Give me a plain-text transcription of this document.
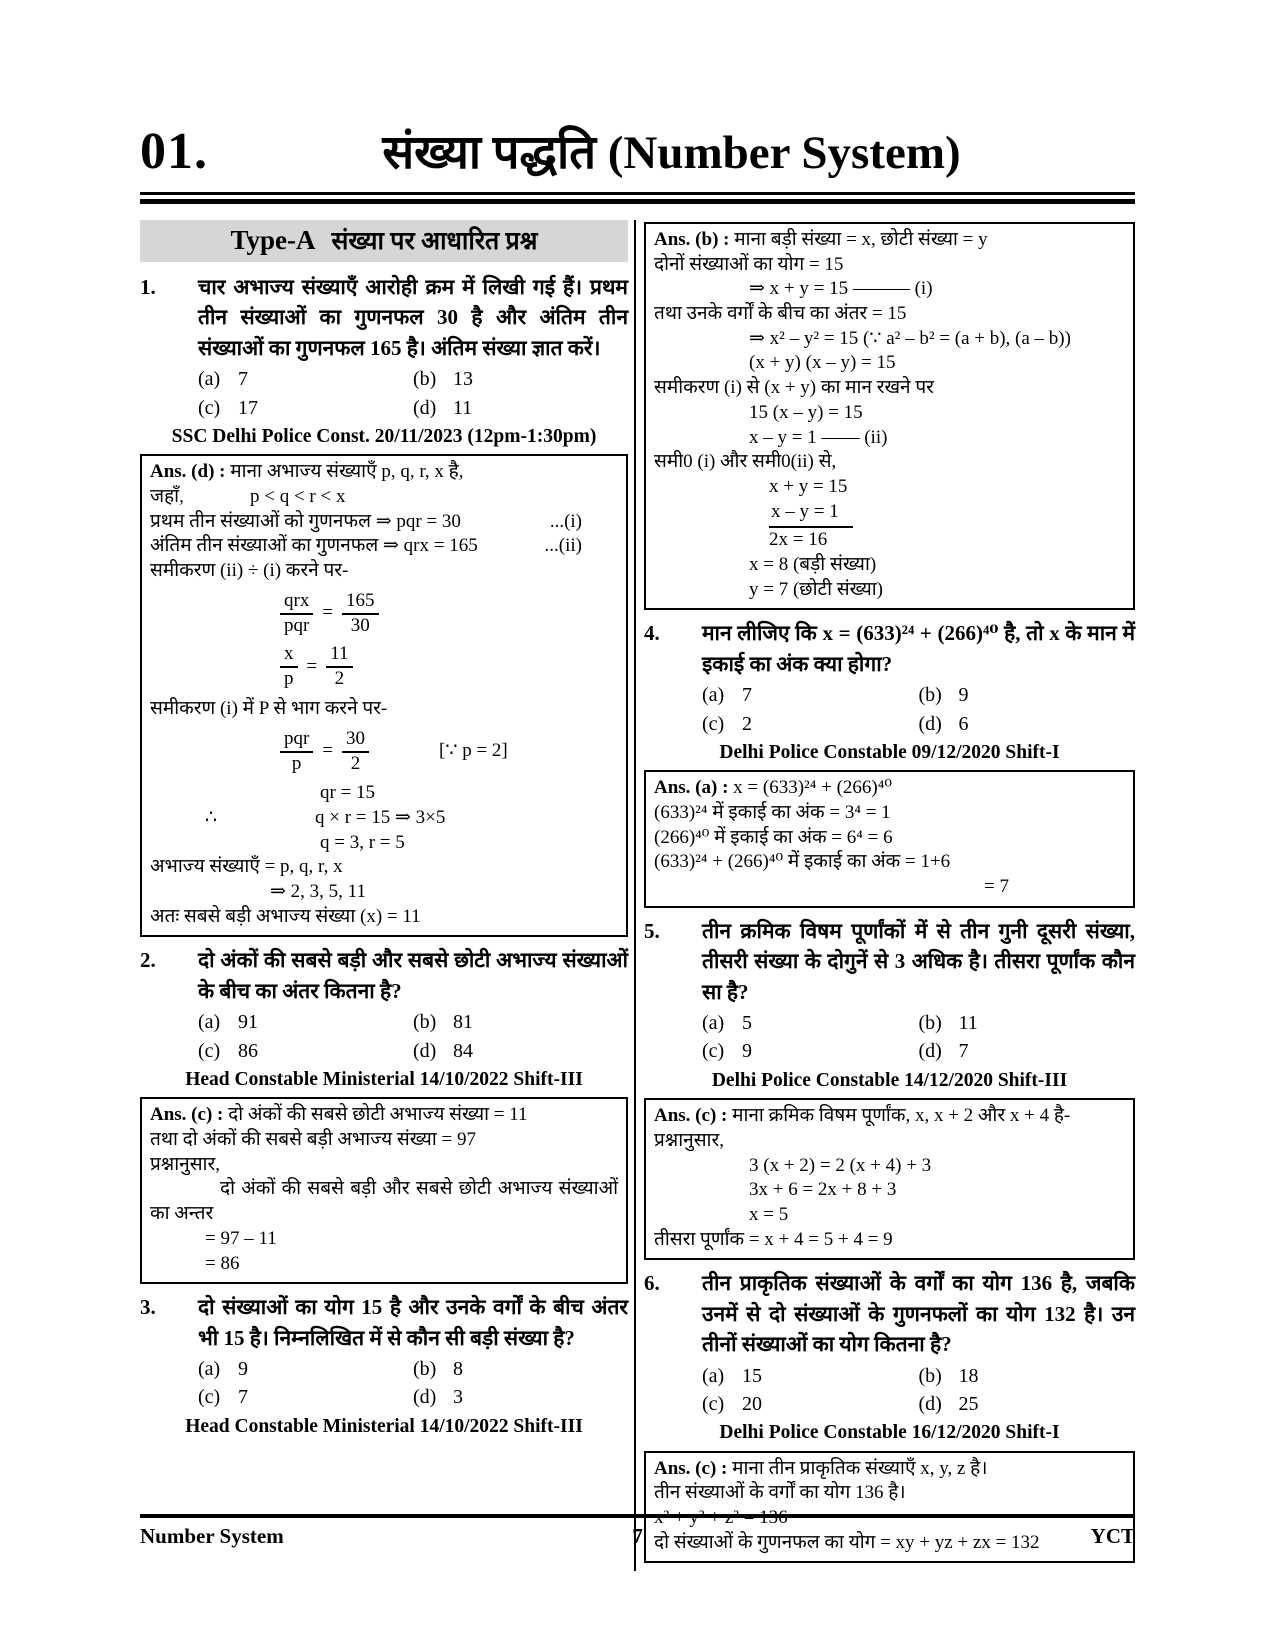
01.	संख्या पद्धति (Number System)
Type-A संख्या पर आधारित प्रश्न
1.	चार अभाज्य संख्याएँ आरोही क्रम में लिखी गई हैं। प्रथम तीन संख्याओं का गुणनफल 30 है और अंतिम तीन संख्याओं का गुणनफल 165 है। अंतिम संख्या ज्ञात करें।
(a) 7	(b) 13
(c) 17	(d) 11
SSC Delhi Police Const. 20/11/2023 (12pm-1:30pm)
Ans. (d) : माना अभाज्य संख्याएँ p, q, r, x है,
जहाँ,	p < q < r < x
प्रथम तीन संख्याओं को गुणनफल ⇒ pqr = 30	...(i)
अंतिम तीन संख्याओं का गुणनफल ⇒ qrx = 165	...(ii)
समीकरण (ii) ÷ (i) करने पर-
$\frac{\text{qrx}}{\text{pqr}} = \frac{165}{30}$
$\frac{x}{p} = \frac{11}{2}$
समीकरण (i) में P से भाग करने पर-
$\frac{\text{pqr}}{p} = \frac{30}{2}$	[∵ p = 2]
qr = 15
∴	q × r = 15 ⇒ 3×5
q = 3, r = 5
अभाज्य संख्याएँ = p, q, r, x
⇒ 2, 3, 5, 11
अतः सबसे बड़ी अभाज्य संख्या (x) = 11
2.	दो अंकों की सबसे बड़ी और सबसे छोटी अभाज्य संख्याओं के बीच का अंतर कितना है?
(a) 91	(b) 81
(c) 86	(d) 84
Head Constable Ministerial 14/10/2022 Shift-III
Ans. (c) : दो अंकों की सबसे छोटी अभाज्य संख्या = 11
तथा दो अंकों की सबसे बड़ी अभाज्य संख्या = 97
प्रश्नानुसार,
दो अंकों की सबसे बड़ी और सबसे छोटी अभाज्य संख्याओं का अन्तर
= 97 – 11
= 86
3.	दो संख्याओं का योग 15 है और उनके वर्गों के बीच अंतर भी 15 है। निम्नलिखित में से कौन सी बड़ी संख्या है?
(a) 9	(b) 8
(c) 7	(d) 3
Head Constable Ministerial 14/10/2022 Shift-III
Ans. (b) : माना बड़ी संख्या = x, छोटी संख्या = y
दोनों संख्याओं का योग = 15
⇒ x + y = 15 ——— (i)
तथा उनके वर्गों के बीच का अंतर = 15
⇒ x² – y² = 15 (∵ a² – b² = (a + b), (a – b))
(x + y) (x – y) = 15
समीकरण (i) से (x + y) का मान रखने पर
15 (x – y) = 15
x – y = 1 —— (ii)
समी0 (i) और समी0(ii) से,
x + y = 15
x – y = 1
2x = 16
x = 8 (बड़ी संख्या)
y = 7 (छोटी संख्या)
4.	मान लीजिए कि x = (633)²⁴ + (266)⁴⁰ है, तो x के मान में इकाई का अंक क्या होगा?
(a) 7	(b) 9
(c) 2	(d) 6
Delhi Police Constable 09/12/2020 Shift-I
Ans. (a) : x = (633)²⁴ + (266)⁴⁰
(633)²⁴ में इकाई का अंक = 3⁴ = 1
(266)⁴⁰ में इकाई का अंक = 6⁴ = 6
(633)²⁴ + (266)⁴⁰ में इकाई का अंक = 1+6
= 7
5.	तीन क्रमिक विषम पूर्णांकों में से तीन गुनी दूसरी संख्या, तीसरी संख्या के दोगुनें से 3 अधिक है। तीसरा पूर्णांक कौन सा है?
(a) 5	(b) 11
(c) 9	(d) 7
Delhi Police Constable 14/12/2020 Shift-III
Ans. (c) : माना क्रमिक विषम पूर्णांक, x, x + 2 और x + 4 है-
प्रश्नानुसार,
3 (x + 2) = 2 (x + 4) + 3
3x + 6 = 2x + 8 + 3
x = 5
तीसरा पूर्णांक = x + 4 = 5 + 4 = 9
6.	तीन प्राकृतिक संख्याओं के वर्गों का योग 136 है, जबकि उनमें से दो संख्याओं के गुणनफलों का योग 132 है। उन तीनों संख्याओं का योग कितना है?
(a) 15	(b) 18
(c) 20	(d) 25
Delhi Police Constable 16/12/2020 Shift-I
Ans. (c) : माना तीन प्राकृतिक संख्याएँ x, y, z है।
तीन संख्याओं के वर्गों का योग 136 है।
x² + y² + z² = 136
दो संख्याओं के गुणनफल का योग = xy + yz + zx = 132
Number System	7	YCT
